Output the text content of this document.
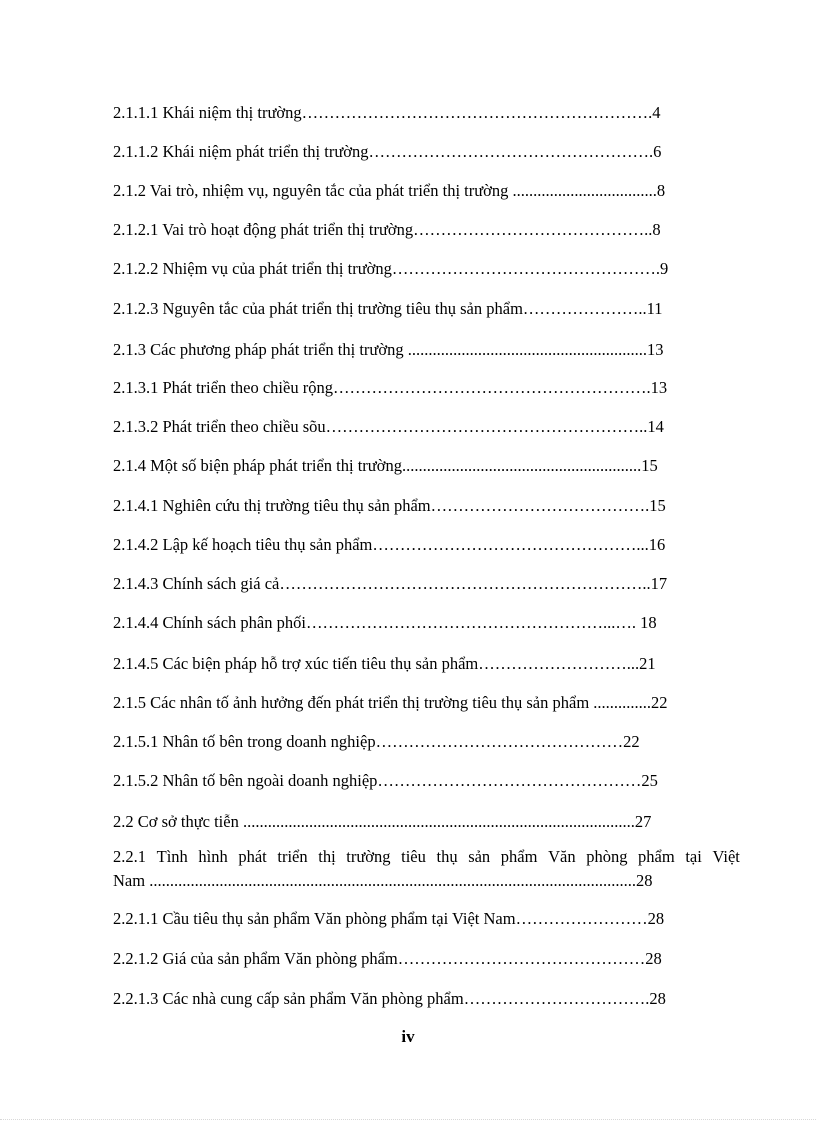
2.1.1.1 Khái niệm thị trường……………………………………………………….4
2.1.1.2 Khái niệm phát triển thị trường…………………………………………….6
2.1.2 Vai trò, nhiệm vụ, nguyên tắc của phát triển thị trường ...................................8
2.1.2.1 Vai trò hoạt động phát triển thị trường……………………………………..8
2.1.2.2 Nhiệm vụ của phát triển thị trường………………………………………….9
2.1.2.3 Nguyên tắc của phát triển thị trường tiêu thụ sản phẩm…………………..11
2.1.3 Các phương pháp phát triển thị trường ..........................................................13
2.1.3.1 Phát triển theo chiều rộng………………………………………………….13
2.1.3.2 Phát triển theo chiều sõu…………………………………………………..14
2.1.4 Một số biện pháp phát triển thị trường..........................................................15
2.1.4.1 Nghiên cứu thị trường tiêu thụ sản phẩm………………………………….15
2.1.4.2 Lập kế hoạch tiêu thụ sản phẩm…………………………………………...16
2.1.4.3 Chính sách giá cả…………………………………………………………..17
2.1.4.4 Chính sách phân phối………………………………………………...…. 18
2.1.4.5 Các biện pháp hỗ trợ xúc tiến tiêu thụ sản phẩm………………………...21
2.1.5 Các nhân tố ảnh hưởng đến phát triển thị trường tiêu thụ sản phẩm ..............22
2.1.5.1 Nhân tố bên trong doanh nghiệp………………………………………22
2.1.5.2 Nhân tố bên ngoài doanh nghiệp…………………………………………25
2.2 Cơ sở thực tiễn ...............................................................................................27
2.2.1 Tình hình phát triển thị trường tiêu thụ sản phẩm Văn phòng phẩm tại Việt
Nam ......................................................................................................................28
2.2.1.1 Cầu tiêu thụ sản phẩm Văn phòng phẩm tại Việt Nam……………………28
2.2.1.2 Giá của sản phẩm Văn phòng phẩm………………………………………28
2.2.1.3 Các nhà cung cấp sản phẩm Văn phòng phẩm…………………………….28
iv
